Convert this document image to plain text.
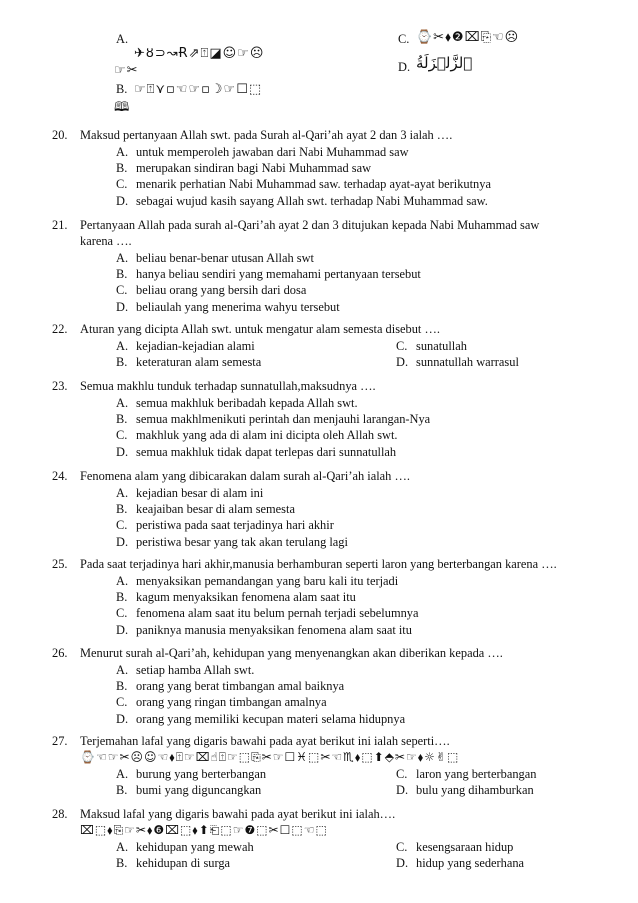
A.
✈ȣ⊃↝Ɍ⇗⍐◪☺☞☹
☞✂
B. ☞⍐⋎▫☜☞▫☽☞☐⬚
🕮
C. ⌚✂⬧❷⌧⎘☜☹
D. ٱلزَّلۡزَلَةُ
20.	Maksud pertanyaan Allah swt. pada Surah al-Qari’ah ayat 2 dan 3 ialah ….
A. untuk memperoleh jawaban dari Nabi Muhammad saw
B. merupakan sindiran bagi Nabi Muhammad saw
C. menarik perhatian Nabi Muhammad saw. terhadap ayat-ayat berikutnya
D. sebagai wujud kasih sayang Allah swt. terhadap Nabi Muhammad saw.
21.	Pertanyaan Allah pada surah al-Qari’ah ayat 2 dan 3 ditujukan kepada Nabi Muhammad saw
karena ….
A. beliau benar-benar utusan Allah swt
B. hanya beliau sendiri yang memahami pertanyaan tersebut
C. beliau orang yang bersih dari dosa
D. beliaulah yang menerima wahyu tersebut
22.	Aturan yang dicipta Allah swt. untuk mengatur alam semesta disebut ….
A. kejadian-kejadian alami	C. sunatullah
B. keteraturan alam semesta	D. sunnatullah warrasul
23.	Semua makhlu tunduk terhadap sunnatullah,maksudnya ….
A. semua makhluk beribadah kepada Allah swt.
B. semua makhlmenikuti perintah dan menjauhi larangan-Nya
C. makhluk yang ada di alam ini dicipta oleh Allah swt.
D. semua makhluk tidak dapat terlepas dari sunnatullah
24.	Fenomena alam yang dibicarakan dalam surah al-Qari’ah ialah ….
A. kejadian besar di alam ini
B. keajaiban besar di alam semesta
C. peristiwa pada saat terjadinya hari akhir
D. peristiwa besar yang tak akan terulang lagi
25.	Pada saat terjadinya hari akhir,manusia berhamburan seperti laron yang berterbangan karena ….
A. menyaksikan pemandangan yang baru kali itu terjadi
B. kagum menyaksikan fenomena alam saat itu
C. fenomena alam saat itu belum pernah terjadi sebelumnya
D. paniknya manusia menyaksikan fenomena alam saat itu
26.	Menurut surah al-Qari’ah, kehidupan yang menyenangkan akan diberikan kepada ….
A. setiap hamba Allah swt.
B. orang yang berat timbangan amal baiknya
C. orang yang ringan timbangan amalnya
D. orang yang memiliki kecupan materi selama hidupnya
27.	Terjemahan lafal yang digaris bawahi pada ayat berikut ini ialah seperti….
⌚☜☞✂☹☺☜⬧⍐☞⌧☝⍐☞⬚⎘✂☞☐♓⬚✂☜♏⬧⬚⬆⬘✂☞⬧☼✌⬚
A. burung yang berterbangan	C. laron yang berterbangan
B. bumi yang diguncangkan	D. bulu yang dihamburkan
28.	Maksud lafal yang digaris bawahi pada ayat berikut ini ialah….
⌧⬚⬧⎘☞✂⬧❻⌧⬚⬧⬆⎗⬚☞❼⬚✂☐⬚☜⬚
A. kehidupan yang mewah	C. kesengsaraan hidup
B. kehidupan di surga	D. hidup yang sederhana
